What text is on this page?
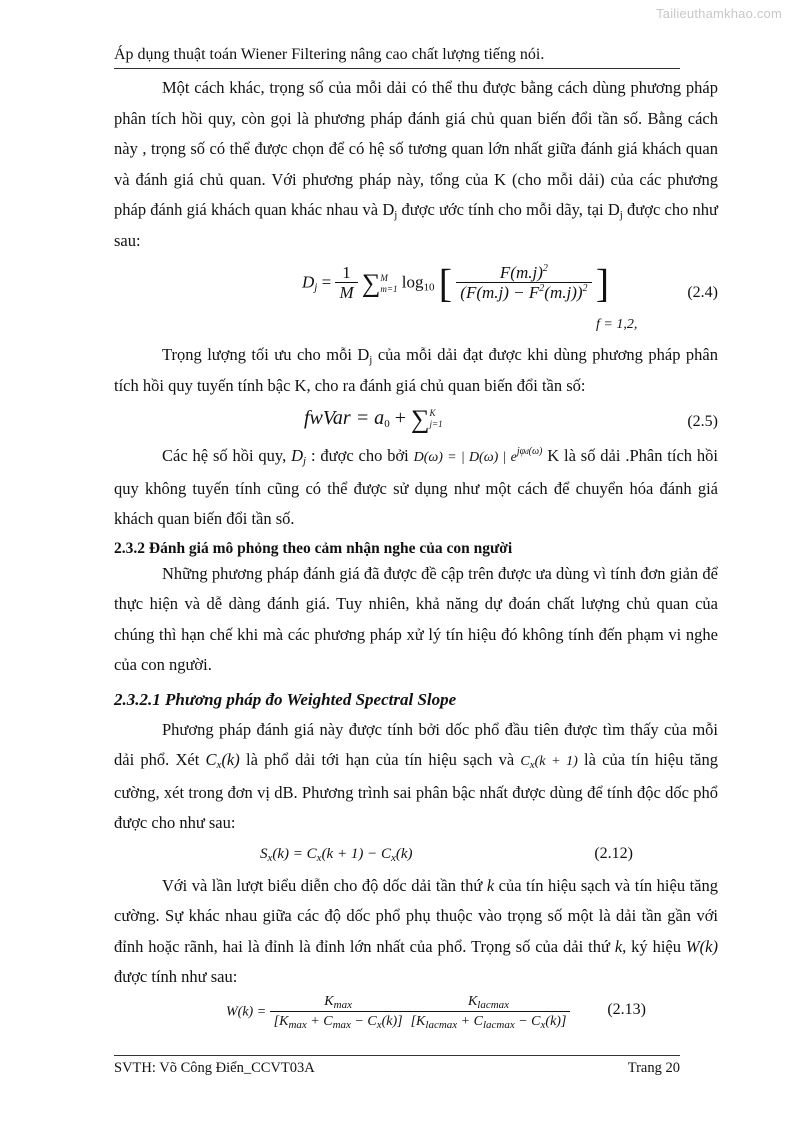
Tailieuthamkhao.com
Áp dụng thuật toán Wiener Filtering nâng cao chất lượng tiếng nói.

Một cách khác, trọng số của mỗi dải có thể thu được bằng cách dùng phương pháp phân tích hồi quy, còn gọi là phương pháp đánh giá chủ quan biến đổi tần số. Bằng cách này , trọng số có thể được chọn để có hệ số tương quan lớn nhất giữa đánh giá khách quan và đánh giá chủ quan. Với phương pháp này, tổng của K (cho mỗi dải) của các phương pháp đánh giá khách quan khác nhau và $D_j$ được ước tính cho mỗi dãy, tại $D_j$ được cho như sau:

$D_j = \frac{1}{M} \sum M$
m=1 $\log_{10}$ [ $\frac{F(m.j)^2}{(F(m.j) - F^2(m.j))^2}$ ]
f = 1,2,
(2.4)

Trọng lượng tối ưu cho mỗi $D_j$ của mỗi dải đạt được khi dùng phương pháp phân tích hồi quy tuyến tính bậc K, cho ra đánh giá chủ quan biến đổi tần số:

fwVar = $a_0 + \sum K$
j=1	(2.5)

Các hệ số hồi quy, $D_j$ : được cho bởi D(ω) = | D(ω) | $e^{j\varphi d(\omega)}$ K là số dải .Phân tích hồi quy không tuyến tính cũng có thể được sử dụng như một cách để chuyển hóa đánh giá khách quan biến đổi tần số.

2.3.2 Đánh giá mô phỏng theo cảm nhận nghe của con người

Những phương pháp đánh giá đã được đề cập trên được ưa dùng vì tính đơn giản để thực hiện và dễ dàng đánh giá. Tuy nhiên, khả năng dự đoán chất lượng chủ quan của chúng thì hạn chế khi mà các phương pháp xử lý tín hiệu đó không tính đến phạm vi nghe của con người.

2.3.2.1 Phương pháp đo Weighted Spectral Slope

Phương pháp đánh giá này được tính bởi dốc phổ đầu tiên được tìm thấy của mỗi dải phổ. Xét $C_x(k)$ là phổ dải tới hạn của tín hiệu sạch và $C_x(k + 1)$ là của tín hiệu tăng cường, xét trong đơn vị dB. Phương trình sai phân bậc nhất được dùng để tính độc dốc phổ được cho như sau:

$S_x(k) = C_x(k + 1) - C_x(k)$	(2.12)

Với và lần lượt biểu diễn cho độ dốc dải tần thứ k của tín hiệu sạch và tín hiệu tăng cường. Sự khác nhau giữa các độ dốc phổ phụ thuộc vào trọng số một là dải tần gần với đỉnh hoặc rãnh, hai là đỉnh là đỉnh lớn nhất của phổ. Trọng số của dải thứ k, ký hiệu W(k) được tính như sau:

$W(k) = \frac{K_{max}}{[K_{max} + C_{max} - C_x(k)]} \frac{K_{lacmax}}{[K_{lacmax} + C_{lacmax} - C_x(k)]} (2.13)$
SVTH: Võ Công Điển_CCVT03A	Trang 20
